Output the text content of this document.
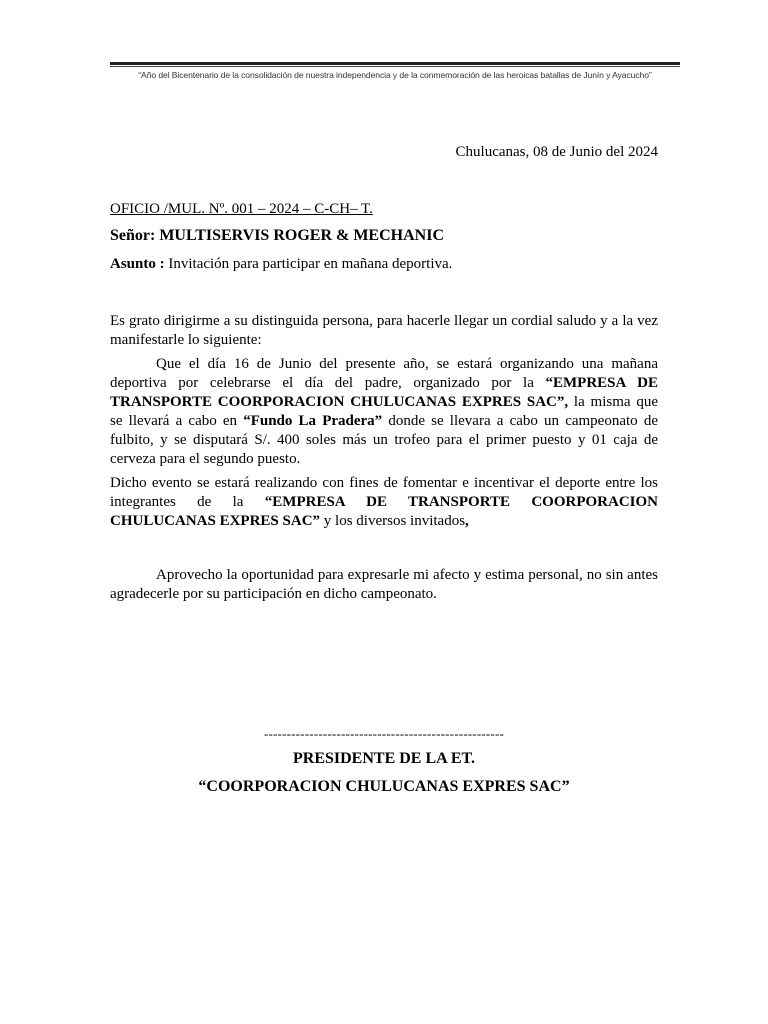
“Año del Bicentenario de la consolidación de nuestra independencia y de la conmemoración de las heroicas batallas de Junín y Ayacucho”
Chulucanas, 08 de Junio del 2024
OFICIO /MUL. Nº. 001 – 2024 – C-CH– T.
Señor: MULTISERVIS ROGER & MECHANIC
Asunto : Invitación para participar en mañana deportiva.
Es grato dirigirme a su distinguida persona, para hacerle llegar un cordial saludo y a la vez manifestarle lo siguiente:
Que el día 16 de Junio del presente año, se estará organizando una mañana deportiva por celebrarse el día del padre, organizado por la “EMPRESA DE TRANSPORTE COORPORACION CHULUCANAS EXPRES SAC”, la misma que se llevará a cabo en “Fundo La Pradera” donde se llevara a cabo un campeonato de fulbito, y se disputará S/. 400 soles más un trofeo para el primer puesto y 01 caja de cerveza para el segundo puesto.
Dicho evento se estará realizando con fines de fomentar e incentivar el deporte entre los integrantes de la “EMPRESA DE TRANSPORTE COORPORACION CHULUCANAS EXPRES SAC” y los diversos invitados,
Aprovecho la oportunidad para expresarle mi afecto y estima personal, no sin antes agradecerle por su participación en dicho campeonato.
-----------------------------------------------------
PRESIDENTE DE LA ET.
“COORPORACION CHULUCANAS EXPRES SAC”
